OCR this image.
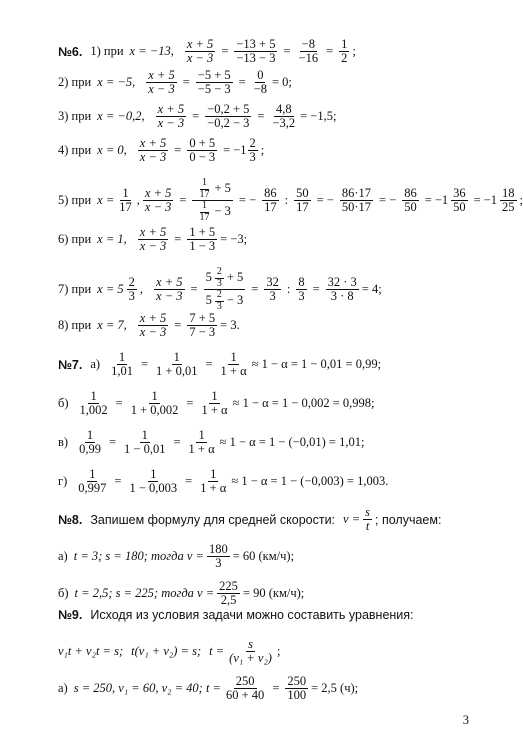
№6. 1) при x = −13, $\frac{x + 5}{x - 3} = \frac{-13 + 5}{-13 - 3} = \frac{-8}{-16} = \frac{1}{2}$ ;
2) при x = −5, $\frac{x + 5}{x - 3} = \frac{-5 + 5}{-5 - 3} = \frac{0}{-8} = 0$;
3) при x = −0,2, $\frac{x + 5}{x - 3} = \frac{-0,2 + 5}{-0,2 - 3} = \frac{4,8}{-3,2} = -1,5$;
4) при x = 0, $\frac{x + 5}{x - 3} = \frac{0 + 5}{0 - 3} = -1 \frac{2}{3}$ ;
5) при $x = \frac{1}{17}$ , $\frac{x + 5}{x - 3} = \frac{\frac{1}{17} + 5}{\frac{1}{17} - 3}$ = − $\frac{86}{17}$ : $\frac{50}{17}$ = − $\frac{86\cdot 17}{50\cdot 17}$ = − $\frac{86}{50} = -1 \frac{36}{50} = -1 \frac{18}{25}$ ;
6) при x = 1, $\frac{x + 5}{x - 3} = \frac{1 + 5}{1 - 3} = -3$;
7) при $x = 5 \frac{2}{3}$ , $\frac{x + 5}{x - 3} = \frac{5 \frac{2}{3} + 5}{5 \frac{2}{3} - 3} = \frac{32}{3}$ : $\frac{8}{3} = \frac{32 \cdot 3}{3 \cdot 8} = 4$;
8) при x = 7, $\frac{x + 5}{x - 3} = \frac{7 + 5}{7 - 3} = 3$.
№7. $а) \frac{1}{1,01} = \frac{1}{1 + 0,01} = \frac{1}{1 + \alpha} \approx 1 - \alpha = 1 - 0,01 = 0,99$;
$б) \frac{1}{1,002} = \frac{1}{1 + 0,002} = \frac{1}{1 + \alpha} \approx 1 - \alpha = 1 - 0,002 = 0,998$;
$в) \frac{1}{0,99} = \frac{1}{1 - 0,01} = \frac{1}{1 + \alpha} \approx 1 - \alpha = 1 - (-0,01) = 1,01$;
$г) \frac{1}{0,997} = \frac{1}{1 - 0,003} = \frac{1}{1 + \alpha} \approx 1 - \alpha = 1 - (-0,003) = 1,003$.
№8. Запишем формулу для средней скорости: $v = \frac{s}{t}$ ; получаем:
а) t = 3; s = 180; тогда $v = \frac{180}{3} = 60$ (км/ч);
б) t = 2,5; s = 225; тогда $v = \frac{225}{2,5} = 90$ (км/ч);
№9. Исходя из условия задачи можно составить уравнения:
v₁t + v₂t = s; t(v₁ + v₂) = s; $t = \frac{s}{\text{(v₁ + v₂)}}$ ;
а) s = 250, v₁ = 60, v₂ = 40; $t = \frac{250}{60 + 40} = \frac{250}{100} = 2,5$ (ч);
3
